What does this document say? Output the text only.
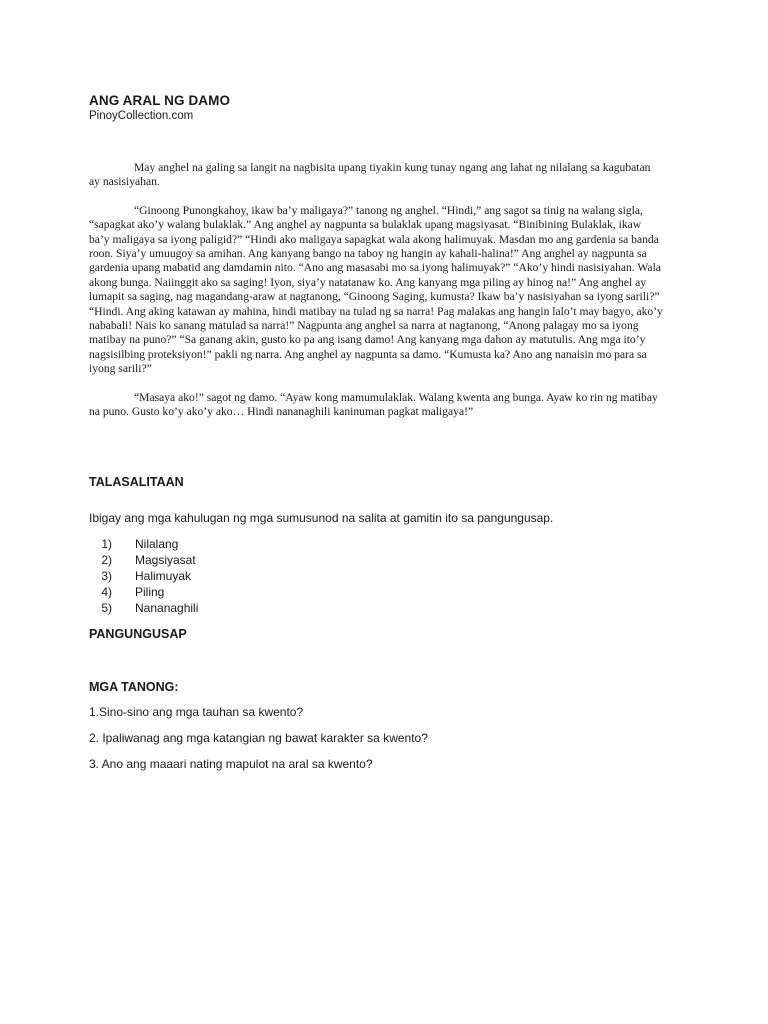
ANG ARAL NG DAMO

PinoyCollection.com

May anghel na galing sa langit na nagbisita upang tiyakin kung tunay ngang ang lahat ng nilalang sa kagubatan ay nasisiyahan.

“Ginoong Punongkahoy, ikaw ba’y maligaya?” tanong ng anghel. “Hindi,” ang sagot sa tinig na walang sigla, “sapagkat ako’y walang bulaklak.” Ang anghel ay nagpunta sa bulaklak upang magsiyasat. “Binibining Bulaklak, ikaw ba’y maligaya sa iyong paligid?” “Hindi ako maligaya sapagkat wala akong halimuyak. Masdan mo ang gardenia sa banda roon. Siya’y umuugoy sa amihan. Ang kanyang bango na taboy ng hangin ay kahali-halina!” Ang anghel ay nagpunta sa gardenia upang mabatid ang damdamin nito. “Ano ang masasabi mo sa iyong halimuyak?” “Ako’y hindi nasisiyahan. Wala akong bunga. Naiinggit ako sa saging! Iyon, siya’y natatanaw ko. Ang kanyang mga piling ay hinog na!” Ang anghel ay lumapit sa saging, nag magandang-araw at nagtanong, “Ginoong Saging, kumusta? Ikaw ba’y nasisiyahan sa iyong sarili?” “Hindi. Ang aking katawan ay mahina, hindi matibay na tulad ng sa narra! Pag malakas ang hangin lalo’t may bagyo, ako’y nababali! Nais ko sanang matulad sa narra!” Nagpunta ang anghel sa narra at nagtanong, “Anong palagay mo sa iyong matibay na puno?” “Sa ganang akin, gusto ko pa ang isang damo! Ang kanyang mga dahon ay matutulis. Ang mga ito’y nagsisilbing proteksiyon!” pakli ng narra. Ang anghel ay nagpunta sa damo. “Kumusta ka? Ano ang nanaisin mo para sa iyong sarili?”

“Masaya ako!” sagot ng damo. “Ayaw kong mamumulaklak. Walang kwenta ang bunga. Ayaw ko rin ng matibay na puno. Gusto ko’y ako’y ako… Hindi nananaghili kaninuman pagkat maligaya!”

TALASALITAAN

Ibigay ang mga kahulugan ng mga sumusunod na salita at gamitin ito sa pangungusap.

1) Nilalang
2) Magsiyasat
3) Halimuyak
4) Piling
5) Nananaghili
PANGUNGUSAP
MGA TANONG:

1.Sino-sino ang mga tauhan sa kwento?

2. Ipaliwanag ang mga katangian ng bawat karakter sa kwento?

3. Ano ang maaari nating mapulot na aral sa kwento?
